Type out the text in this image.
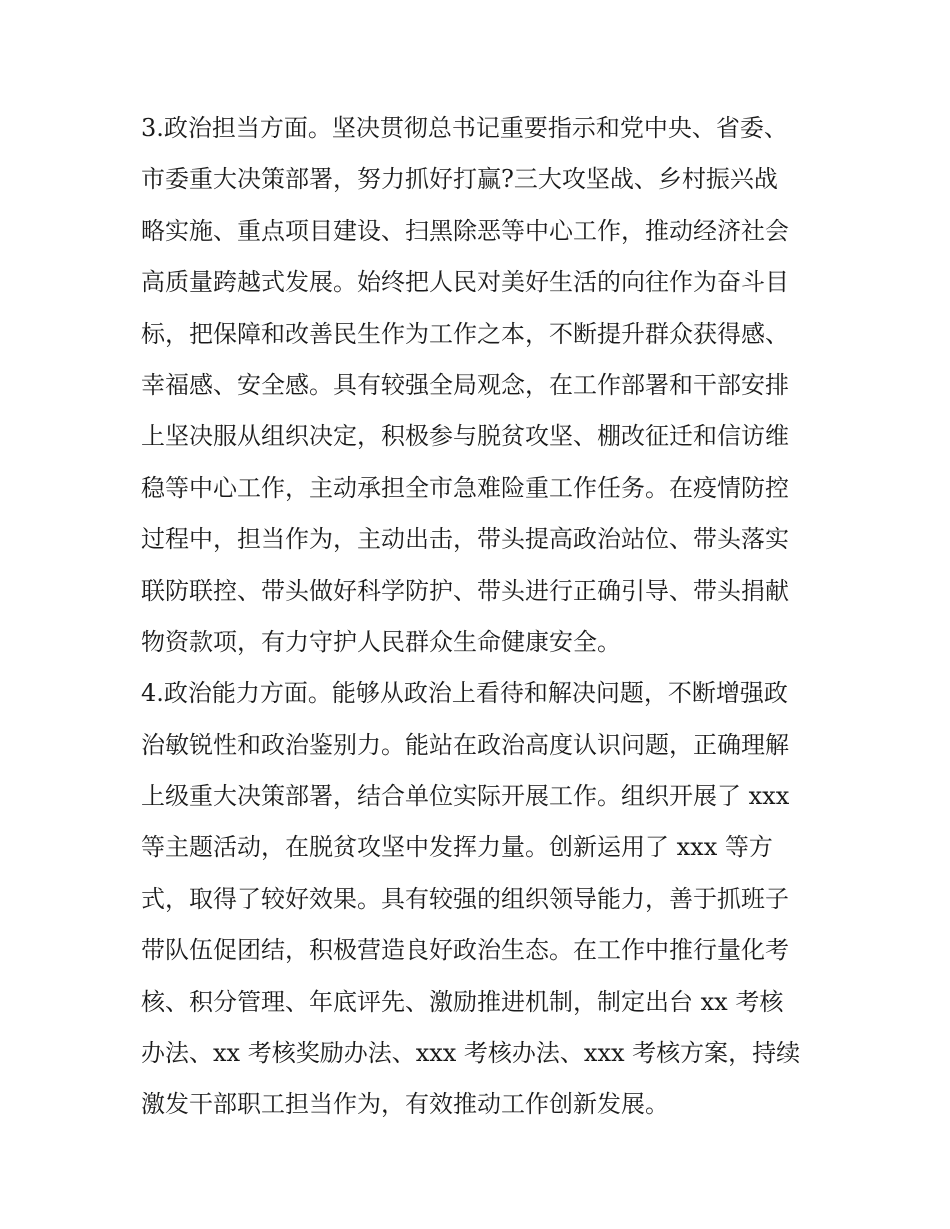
3.政治担当方面。坚决贯彻总书记重要指示和党中央、省委、
市委重大决策部署，努力抓好打赢?三大攻坚战、乡村振兴战
略实施、重点项目建设、扫黑除恶等中心工作，推动经济社会
高质量跨越式发展。始终把人民对美好生活的向往作为奋斗目
标，把保障和改善民生作为工作之本，不断提升群众获得感、
幸福感、安全感。具有较强全局观念，在工作部署和干部安排
上坚决服从组织决定，积极参与脱贫攻坚、棚改征迁和信访维
稳等中心工作，主动承担全市急难险重工作任务。在疫情防控
过程中，担当作为，主动出击，带头提高政治站位、带头落实
联防联控、带头做好科学防护、带头进行正确引导、带头捐献
物资款项，有力守护人民群众生命健康安全。
4.政治能力方面。能够从政治上看待和解决问题，不断增强政
治敏锐性和政治鉴别力。能站在政治高度认识问题，正确理解
上级重大决策部署，结合单位实际开展工作。组织开展了 xxx
等主题活动，在脱贫攻坚中发挥力量。创新运用了 xxx 等方
式，取得了较好效果。具有较强的组织领导能力，善于抓班子
带队伍促团结，积极营造良好政治生态。在工作中推行量化考
核、积分管理、年底评先、激励推进机制，制定出台 xx 考核
办法、xx 考核奖励办法、xxx 考核办法、xxx 考核方案，持续
激发干部职工担当作为，有效推动工作创新发展。
